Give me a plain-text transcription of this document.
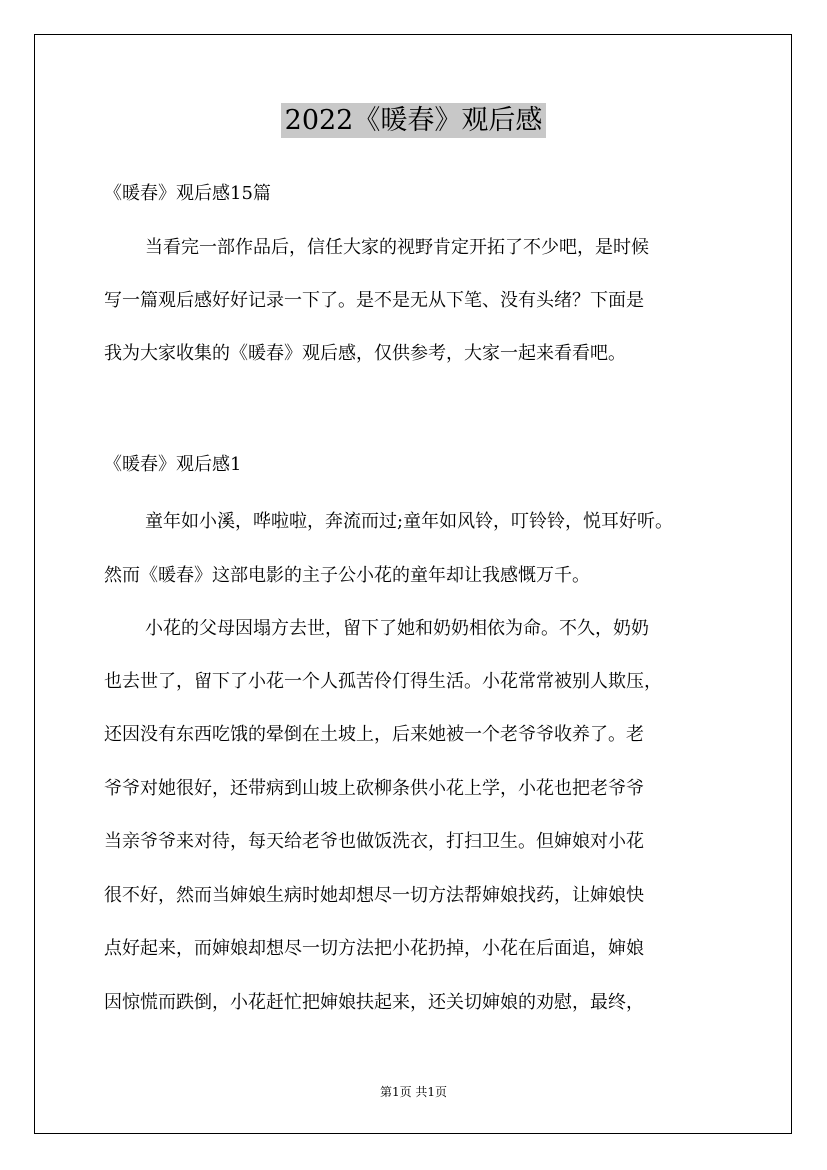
2022《暖春》观后感
《暖春》观后感15篇
当看完一部作品后，信任大家的视野肯定开拓了不少吧，是时候
写一篇观后感好好记录一下了。是不是无从下笔、没有头绪？下面是
我为大家收集的《暖春》观后感，仅供参考，大家一起来看看吧。
《暖春》观后感1
童年如小溪，哗啦啦，奔流而过;童年如风铃，叮铃铃，悦耳好听。
然而《暖春》这部电影的主子公小花的童年却让我感慨万千。
小花的父母因塌方去世，留下了她和奶奶相依为命。不久，奶奶
也去世了，留下了小花一个人孤苦伶仃得生活。小花常常被别人欺压，
还因没有东西吃饿的晕倒在土坡上，后来她被一个老爷爷收养了。老
爷爷对她很好，还带病到山坡上砍柳条供小花上学，小花也把老爷爷
当亲爷爷来对待，每天给老爷也做饭洗衣，打扫卫生。但婶娘对小花
很不好，然而当婶娘生病时她却想尽一切方法帮婶娘找药，让婶娘快
点好起来，而婶娘却想尽一切方法把小花扔掉，小花在后面追，婶娘
因惊慌而跌倒，小花赶忙把婶娘扶起来，还关切婶娘的劝慰，最终，
第1页 共1页
